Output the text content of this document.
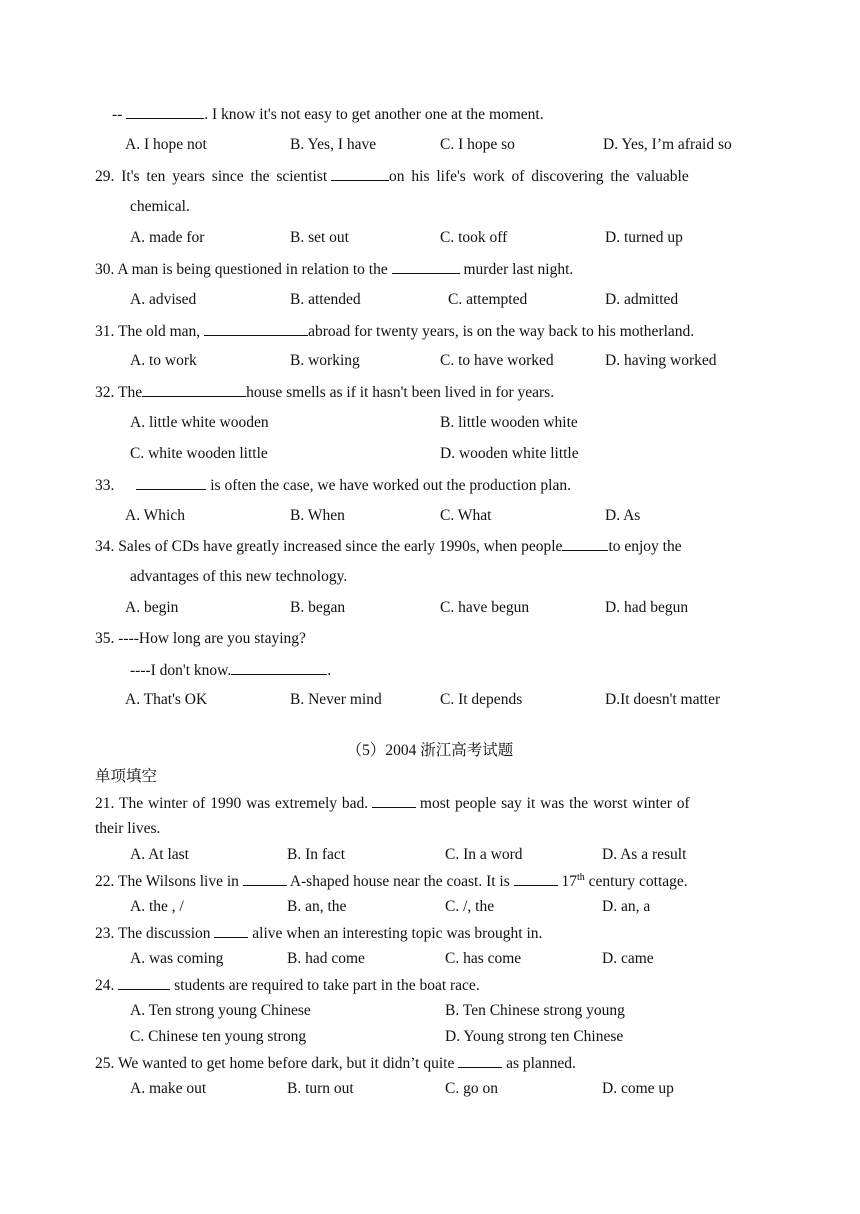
--	. I know it's not easy to get another one at the moment.
A. I hope not	B. Yes, I have	C. I hope so	D. Yes, I’m afraid so
29. It's ten years since the scientist	on his life's work of discovering the valuable
chemical.
A. made for	B. set out	C. took off	D. turned up
30. A man is being questioned in relation to the	murder last night.
A. advised	B. attended	C. attempted	D. admitted
31. The old man,	abroad for twenty years, is on the way back to his motherland.
A. to work	B. working	C. to have worked	D. having worked
32. The	house smells as if it hasn't been lived in for years.
A. little white wooden	B. little wooden white
C. white wooden little	D. wooden white little
33.	is often the case, we have worked out the production plan.
A. Which	B. When	C. What	D. As
34. Sales of CDs have greatly increased since the early 1990s, when people	to enjoy the
advantages of this new technology.
A. begin	B. began	C. have begun	D. had begun
35. ----How long are you staying?
----I don't know.	.
A. That's OK	B. Never mind	C. It depends	D.It doesn't matter
（5）2004 浙江高考试题
单项填空
21. The winter of 1990 was extremely bad.	most people say it was the worst winter of
their lives.
A. At last	B. In fact	C. In a word	D. As a result
22. The Wilsons live in	A-shaped house near the coast. It is	17th century cottage.
A. the , /	B. an, the	C. /, the	D. an, a
23. The discussion	alive when an interesting topic was brought in.
A. was coming	B. had come	C. has come	D. came
24.	students are required to take part in the boat race.
A. Ten strong young Chinese	B. Ten Chinese strong young
C. Chinese ten young strong	D. Young strong ten Chinese
25. We wanted to get home before dark, but it didn’t quite	as planned.
A. make out	B. turn out	C. go on	D. come up
